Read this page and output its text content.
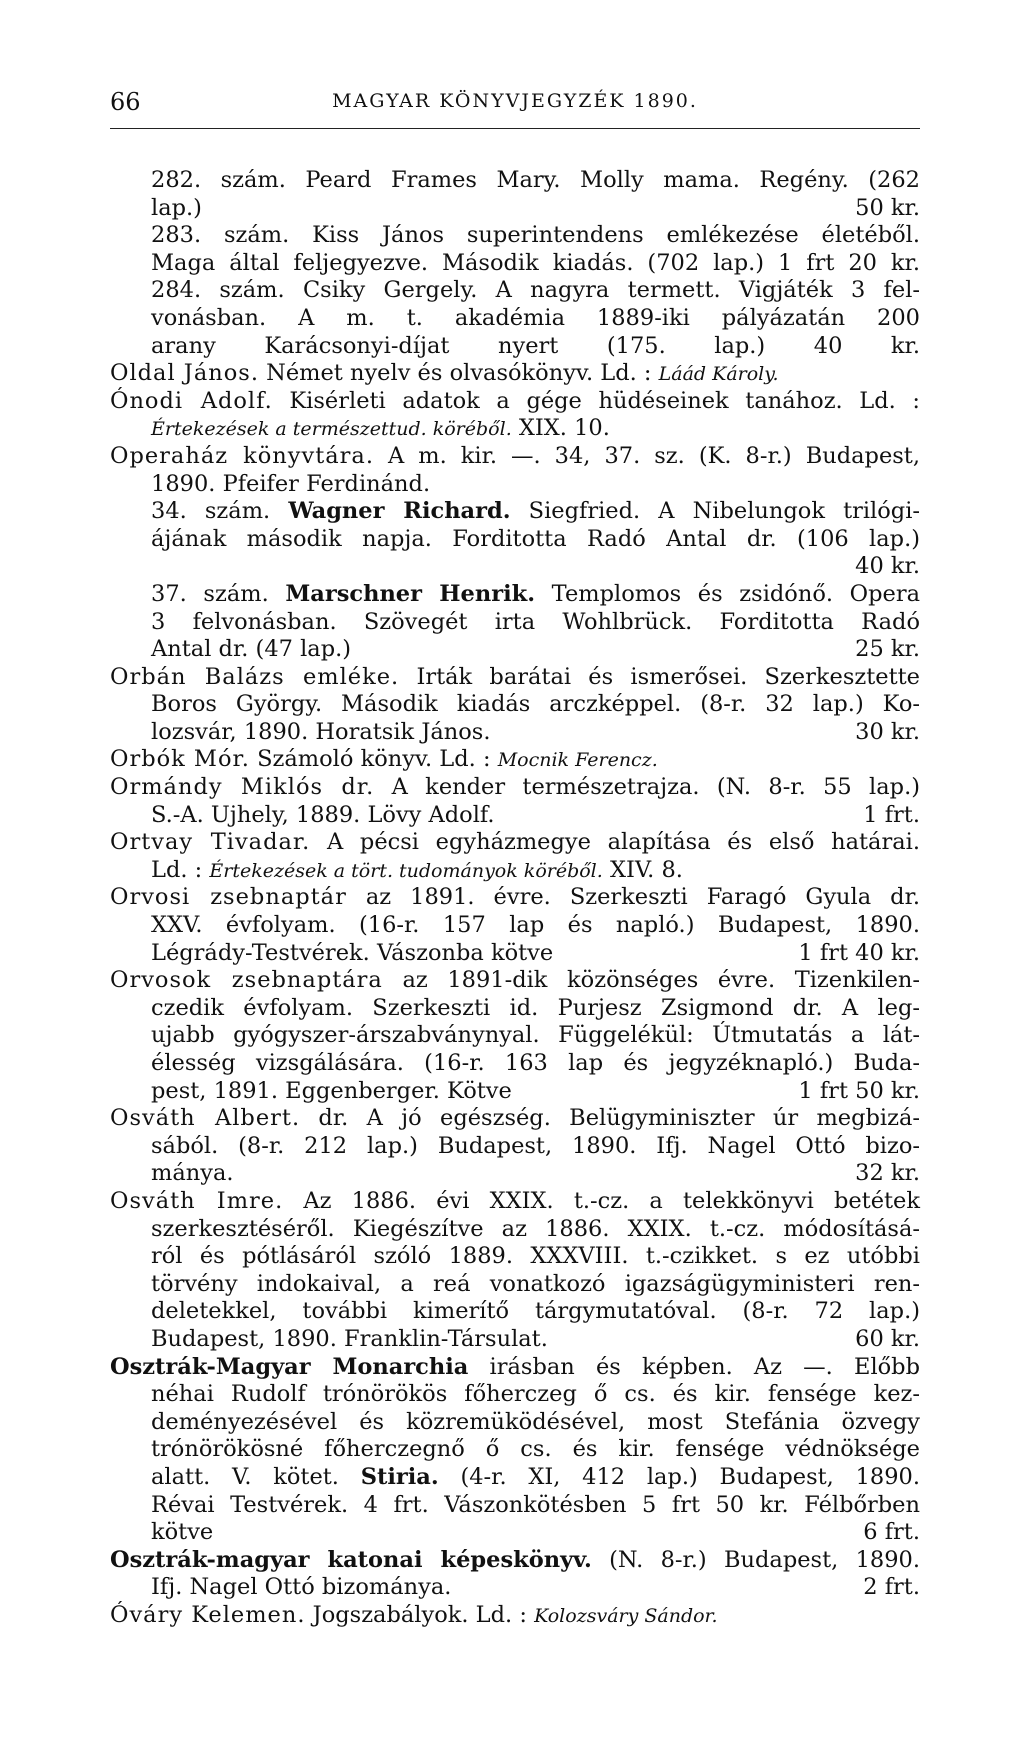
66	MAGYAR KÖNYVJEGYZÉK 1890.
282. szám. Peard Frames Mary. Molly mama. Regény. (262
lap.)	50 kr.
283. szám. Kiss János superintendens emlékezése életéből.
Maga által feljegyezve. Második kiadás. (702 lap.) 1 frt 20 kr.
284. szám. Csiky Gergely. A nagyra termett. Vigjáték 3 fel-
vonásban. A m. t. akadémia 1889-iki pályázatán 200
arany Karácsonyi-díjat nyert (175. lap.) 40 kr.
Oldal János. Német nyelv és olvasókönyv. Ld. : Láád Károly.
Ónodi Adolf. Kisérleti adatok a gége hüdéseinek tanához. Ld. :
Értekezések a természettud. köréből. XIX. 10.
Operaház könyvtára. A m. kir. —. 34, 37. sz. (K. 8-r.) Budapest,
1890. Pfeifer Ferdinánd.
34. szám. Wagner Richard. Siegfried. A Nibelungok trilógi-
ájának második napja. Forditotta Radó Antal dr. (106 lap.)
40 kr.
37. szám. Marschner Henrik. Templomos és zsidónő. Opera
3 felvonásban. Szövegét irta Wohlbrück. Forditotta Radó
Antal dr. (47 lap.)	25 kr.
Orbán Balázs emléke. Irták barátai és ismerősei. Szerkesztette
Boros György. Második kiadás arczképpel. (8-r. 32 lap.) Ko-
lozsvár, 1890. Horatsik János.	30 kr.
Orbók Mór. Számoló könyv. Ld. : Mocnik Ferencz.
Ormándy Miklós dr. A kender természetrajza. (N. 8-r. 55 lap.)
S.-A. Ujhely, 1889. Lövy Adolf.	1 frt.
Ortvay Tivadar. A pécsi egyházmegye alapítása és első határai.
Ld. : Értekezések a tört. tudományok köréből. XIV. 8.
Orvosi zsebnaptár az 1891. évre. Szerkeszti Faragó Gyula dr.
XXV. évfolyam. (16-r. 157 lap és napló.) Budapest, 1890.
Légrády-Testvérek. Vászonba kötve	1 frt 40 kr.
Orvosok zsebnaptára az 1891-dik közönséges évre. Tizenkilen-
czedik évfolyam. Szerkeszti id. Purjesz Zsigmond dr. A leg-
ujabb gyógyszer-árszabványnyal. Függelékül: Útmutatás a lát-
élesség vizsgálására. (16-r. 163 lap és jegyzéknapló.) Buda-
pest, 1891. Eggenberger. Kötve	1 frt 50 kr.
Osváth Albert. dr. A jó egészség. Belügyminiszter úr megbizá-
sából. (8-r. 212 lap.) Budapest, 1890. Ifj. Nagel Ottó bizo-
mánya.	32 kr.
Osváth Imre. Az 1886. évi XXIX. t.-cz. a telekkönyvi betétek
szerkesztéséről. Kiegészítve az 1886. XXIX. t.-cz. módosításá-
ról és pótlásáról szóló 1889. XXXVIII. t.-czikket. s ez utóbbi
törvény indokaival, a reá vonatkozó igazságügyministeri ren-
deletekkel, további kimerítő tárgymutatóval. (8-r. 72 lap.)
Budapest, 1890. Franklin-Társulat.	60 kr.
Osztrák-Magyar Monarchia irásban és képben. Az —. Előbb
néhai Rudolf trónörökös főherczeg ő cs. és kir. fensége kez-
deményezésével és közremüködésével, most Stefánia özvegy
trónörökösné főherczegnő ő cs. és kir. fensége védnöksége
alatt. V. kötet. Stiria. (4-r. XI, 412 lap.) Budapest, 1890.
Révai Testvérek. 4 frt. Vászonkötésben 5 frt 50 kr. Félbőrben
kötve	6 frt.
Osztrák-magyar katonai képeskönyv. (N. 8-r.) Budapest, 1890.
Ifj. Nagel Ottó bizománya.	2 frt.
Óváry Kelemen. Jogszabályok. Ld. : Kolozsváry Sándor.
